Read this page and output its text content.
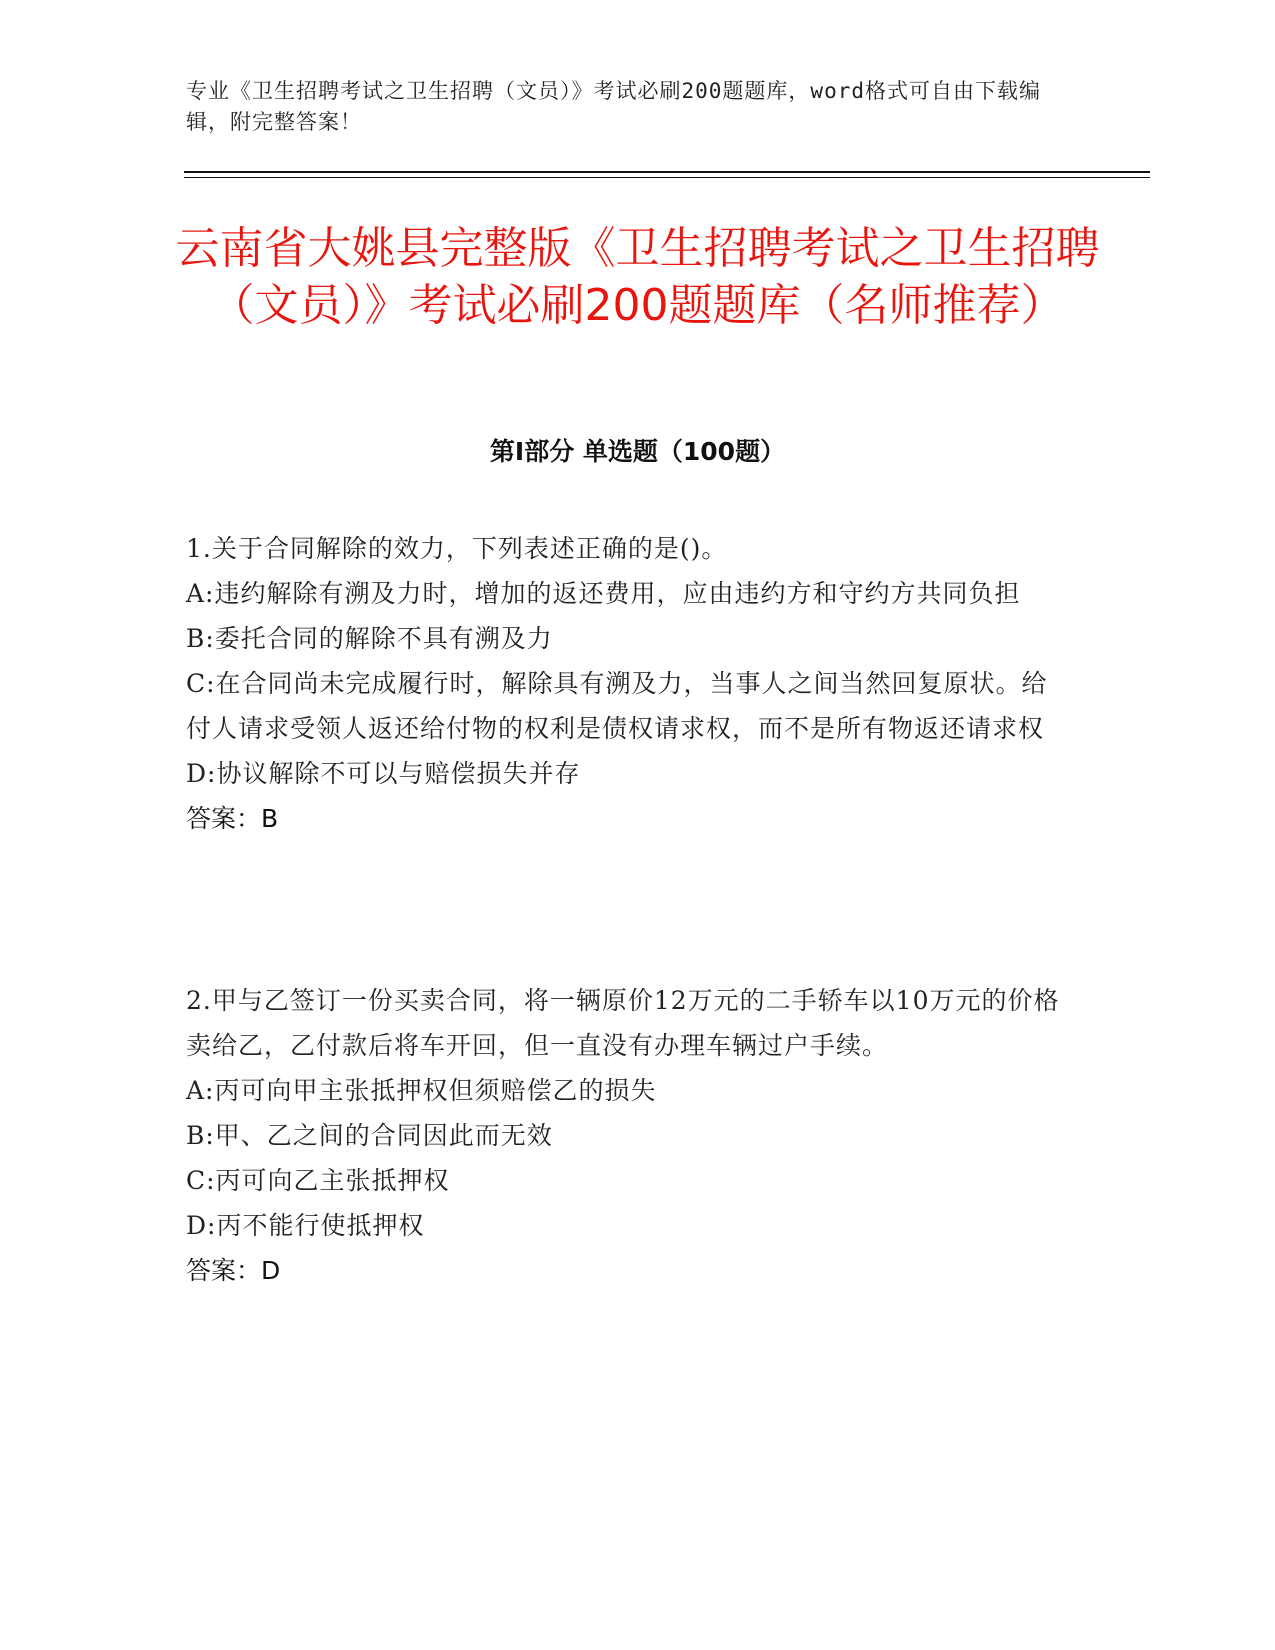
专业《卫生招聘考试之卫生招聘（文员）》考试必刷200题题库，word格式可自由下载编辑，附完整答案！
云南省大姚县完整版《卫生招聘考试之卫生招聘（文员）》考试必刷200题题库（名师推荐）
第Ⅰ部分 单选题（100题）
1.关于合同解除的效力，下列表述正确的是()。
A:违约解除有溯及力时，增加的返还费用，应由违约方和守约方共同负担
B:委托合同的解除不具有溯及力
C:在合同尚未完成履行时，解除具有溯及力，当事人之间当然回复原状。给付人请求受领人返还给付物的权利是债权请求权，而不是所有物返还请求权
D:协议解除不可以与赔偿损失并存
答案：B
2.甲与乙签订一份买卖合同，将一辆原价12万元的二手轿车以10万元的价格卖给乙，乙付款后将车开回，但一直没有办理车辆过户手续。
A:丙可向甲主张抵押权但须赔偿乙的损失
B:甲、乙之间的合同因此而无效
C:丙可向乙主张抵押权
D:丙不能行使抵押权
答案：D
